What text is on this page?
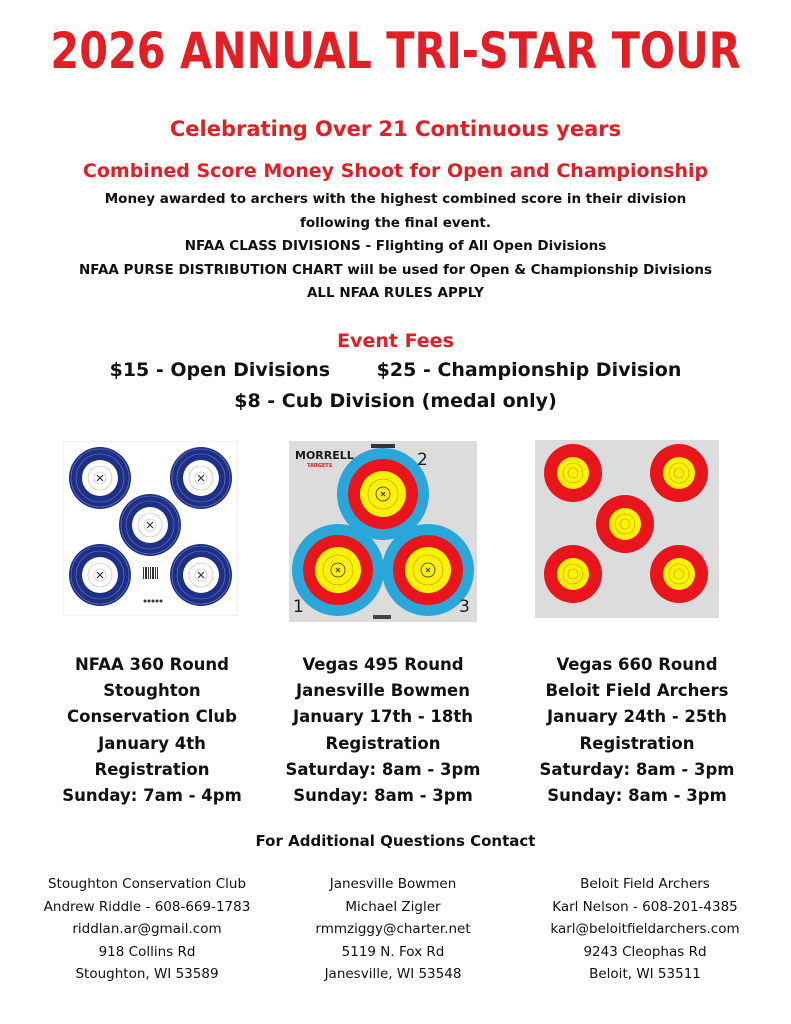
2026 ANNUAL TRI-STAR TOUR
Celebrating Over 21 Continuous years
Combined Score Money Shoot for Open and Championship
Money awarded to archers with the highest combined score in their division
following the final event.
NFAA CLASS DIVISIONS - Flighting of All Open Divisions
NFAA PURSE DISTRIBUTION CHART will be used for Open & Championship Divisions
ALL NFAA RULES APPLY
Event Fees
$15 - Open Divisions $25 - Championship Division
$8 - Cub Division (medal only)
MORRELL
TARGETS	2
1	3
NFAA 360 Round
Stoughton
Conservation Club
January 4th
Registration
Sunday: 7am - 4pm
Vegas 495 Round
Janesville Bowmen
January 17th - 18th
Registration
Saturday: 8am - 3pm
Sunday: 8am - 3pm
Vegas 660 Round
Beloit Field Archers
January 24th - 25th
Registration
Saturday: 8am - 3pm
Sunday: 8am - 3pm
For Additional Questions Contact
Stoughton Conservation Club
Andrew Riddle - 608-669-1783
riddlan.ar@gmail.com
918 Collins Rd
Stoughton, WI 53589
Janesville Bowmen
Michael Zigler
rmmziggy@charter.net
5119 N. Fox Rd
Janesville, WI 53548
Beloit Field Archers
Karl Nelson - 608-201-4385
karl@beloitfieldarchers.com
9243 Cleophas Rd
Beloit, WI 53511
